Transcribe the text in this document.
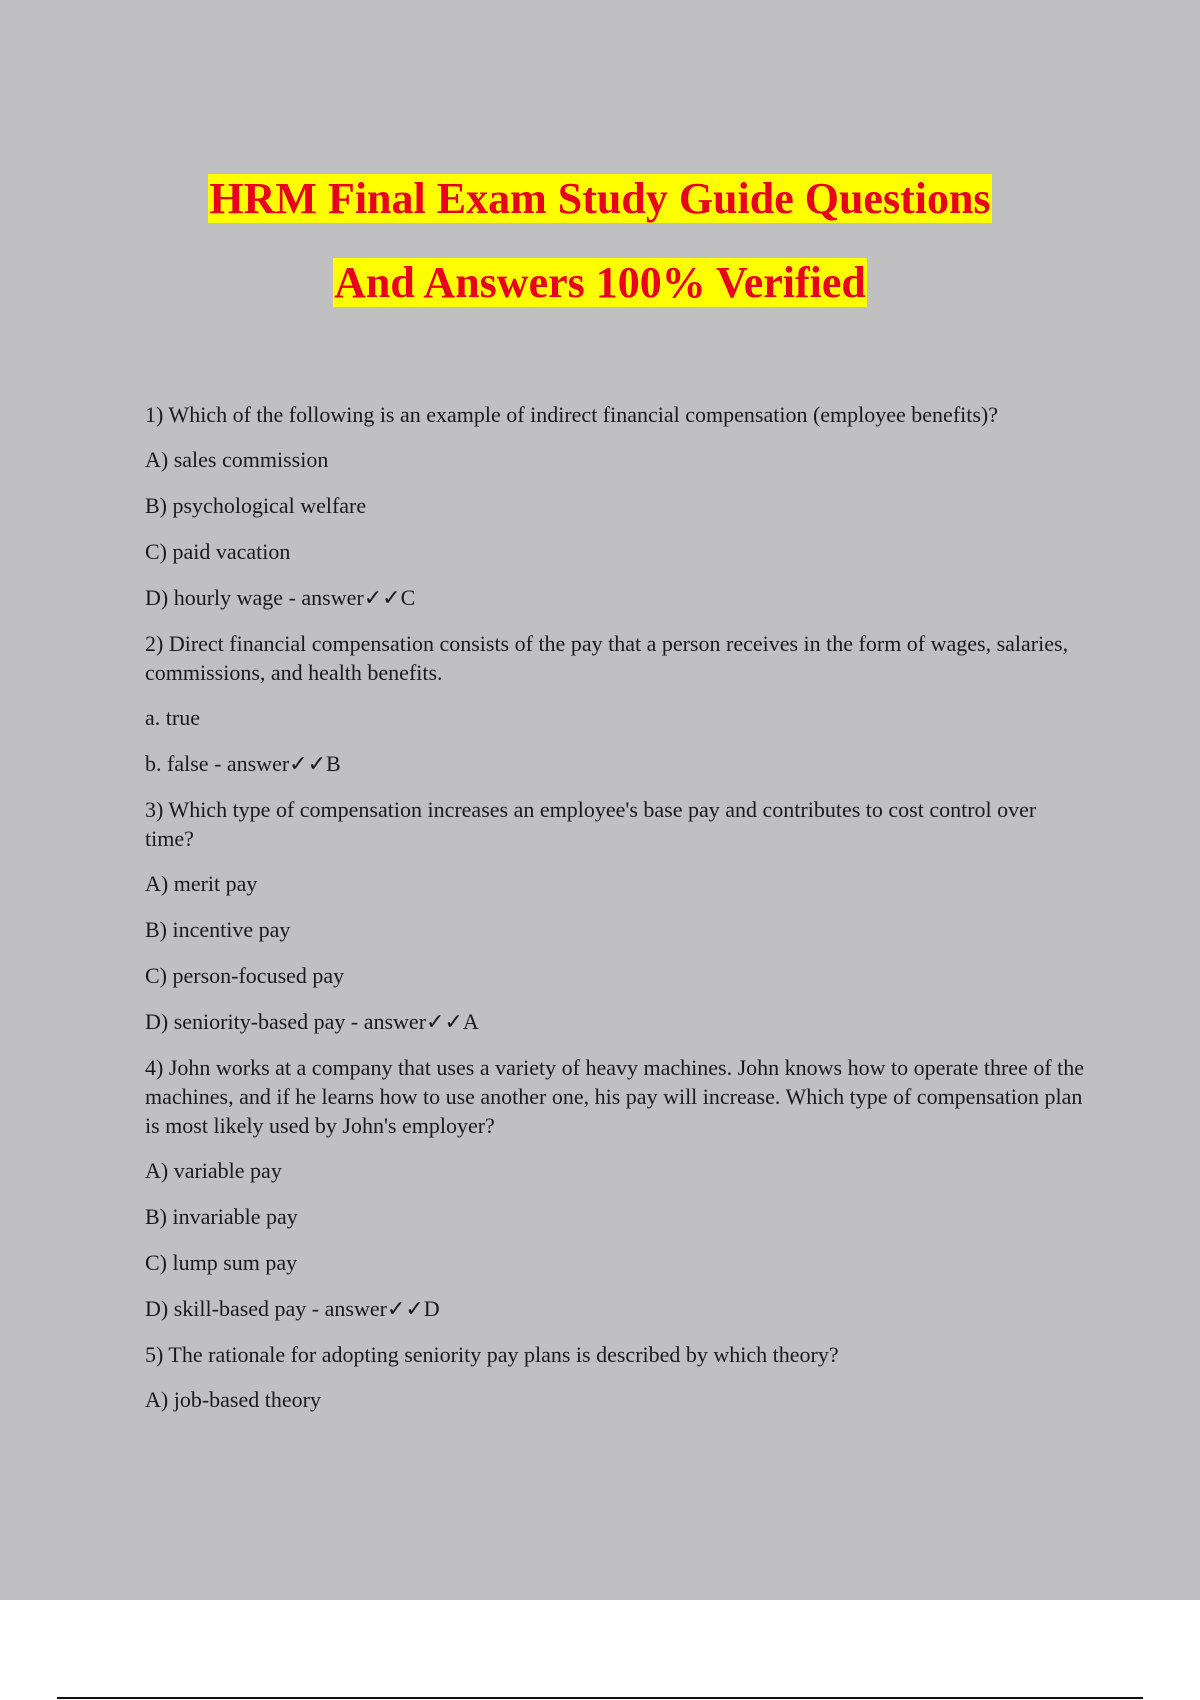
HRM Final Exam Study Guide Questions
And Answers 100% Verified
1) Which of the following is an example of indirect financial compensation (employee benefits)?
A) sales commission
B) psychological welfare
C) paid vacation
D) hourly wage - answer✓✓C
2) Direct financial compensation consists of the pay that a person receives in the form of wages, salaries, commissions, and health benefits.
a. true
b. false - answer✓✓B
3) Which type of compensation increases an employee's base pay and contributes to cost control over time?
A) merit pay
B) incentive pay
C) person-focused pay
D) seniority-based pay - answer✓✓A
4) John works at a company that uses a variety of heavy machines. John knows how to operate three of the machines, and if he learns how to use another one, his pay will increase. Which type of compensation plan is most likely used by John's employer?
A) variable pay
B) invariable pay
C) lump sum pay
D) skill-based pay - answer✓✓D
5) The rationale for adopting seniority pay plans is described by which theory?
A) job-based theory
